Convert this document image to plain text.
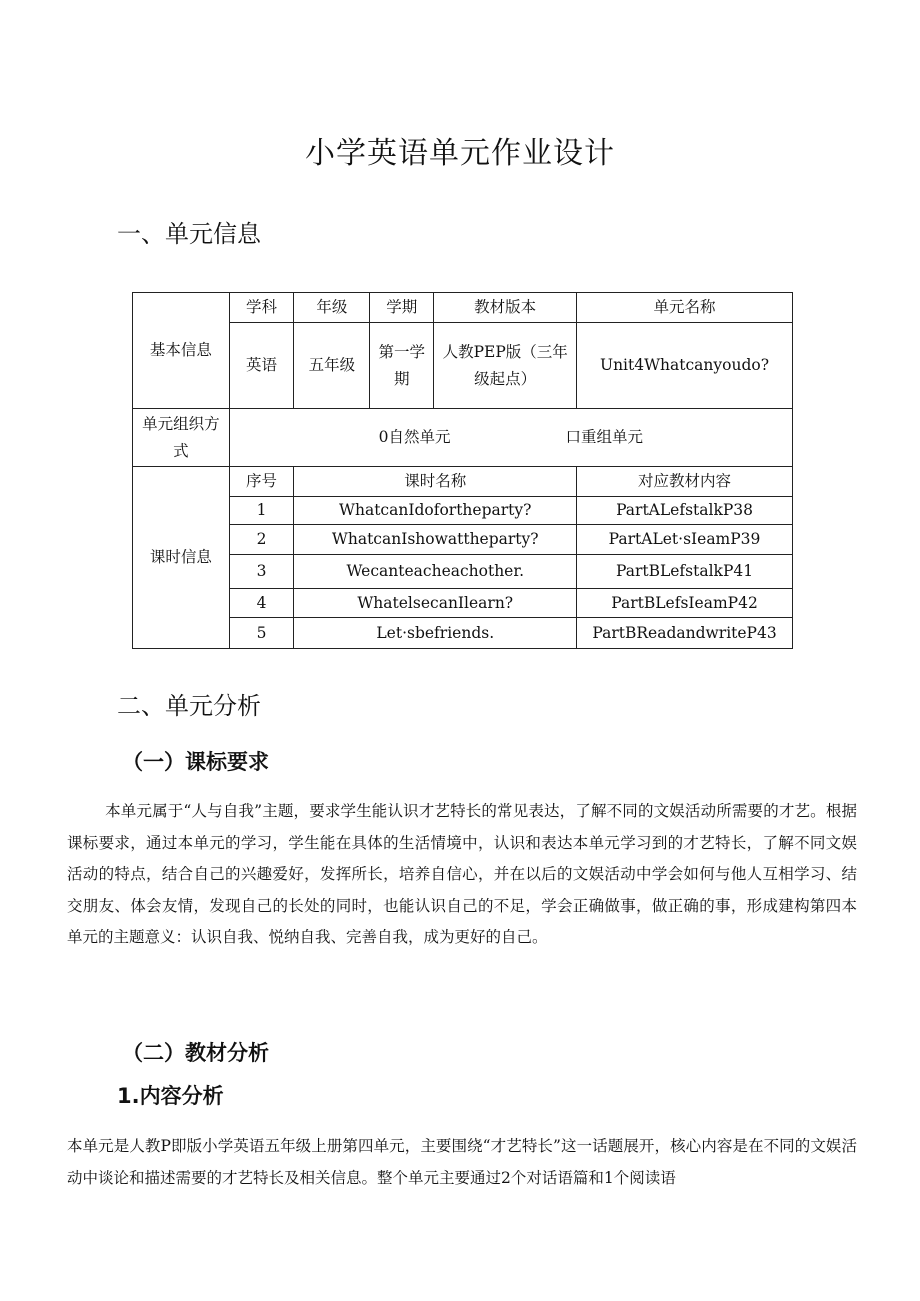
小学英语单元作业设计
一、单元信息
基本信息	学科	年级	学期	教材版本	单元名称
	英语	五年级	第一学期	人教PEP版（三年级起点）	Unit4Whatcanyoudo?
单元组织方式	0自然单元 口重组单元				
课时信息	序号	课时名称			对应教材内容
	1	WhatcanIdofortheparty?			PartALefstalkP38
	2	WhatcanIshowattheparty?			PartALet·sIeamP39
	3	Wecanteacheachother.			PartBLefstalkP41
	4	WhatelsecanIlearn?			PartBLefsIeamP42
	5	Let·sbefriends.			PartBReadandwriteP43
二、单元分析
（一）课标要求
本单元属于“人与自我”主题，要求学生能认识才艺特长的常见表达，了解不同的文娱活动所需要的才艺。根据课标要求，通过本单元的学习，学生能在具体的生活情境中，认识和表达本单元学习到的才艺特长，了解不同文娱活动的特点，结合自己的兴趣爱好，发挥所长，培养自信心，并在以后的文娱活动中学会如何与他人互相学习、结交朋友、体会友情，发现自己的长处的同时，也能认识自己的不足，学会正确做事，做正确的事，形成建构第四本单元的主题意义：认识自我、悦纳自我、完善自我，成为更好的自己。
（二）教材分析
1.内容分析
本单元是人教P即版小学英语五年级上册第四单元，主要围绕“才艺特长”这一话题展开，核心内容是在不同的文娱活动中谈论和描述需要的才艺特长及相关信息。整个单元主要通过2个对话语篇和1个阅读语
